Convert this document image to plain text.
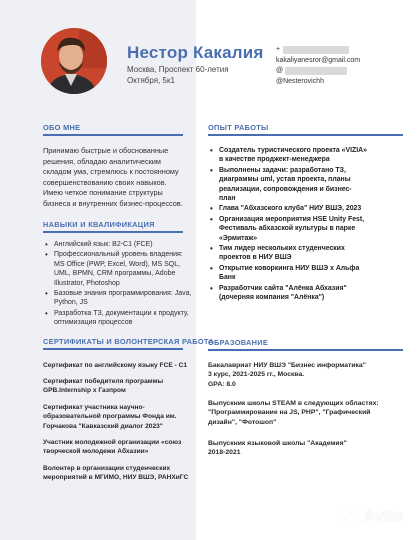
Нестор Какалия
Москва, Проспект 60-летия
Октября, 5к1
+
kakaliyanesror@gmail.com
@
@Nesterovichh
ОБО МНЕ
Принимаю быстрые и обоснованные
решения, обладаю аналитическим
складом ума, стремлюсь к постоянному
совершенствованию своих навыков.
Имею четкое понимание структуры
бизнеса и внутренних бизнес-процессов.
НАВЫКИ И КВАЛИФИКАЦИЯ
• Английский язык: B2-C1 (FCE)
• Профессиональный уровень владения: MS Office (PWP, Excel, Word), MS SQL, UML, BPMN, CRM программы, Adobe Illustrator, Photoshop
• Базовые знания программирования: Java, Python, JS
• Разработка ТЗ, документации к продукту, оптимизация процессов
СЕРТИФИКАТЫ И ВОЛОНТЕРСКАЯ РАБОТА
Сертификат по английскому языку FCE - C1
Сертификат победителя программы
GPB.Internship x Газпром
Сертификат участника научно-
образовательной программы Фонда им.
Горчакова "Кавказский диалог 2023"
Участник молодежной организации «союз
творческой молодежи Абхазии»
Волонтер в организации студенческих
мероприятий в МГИМО, НИУ ВШЭ, РАНХиГС
ОПЫТ РАБОТЫ
• Создатель туристического проекта «VIZIA» в качестве проджект-менеджера
• Выполнены задачи: разработано ТЗ, диаграммы uml, устав проекта, планы реализации, сопровождения и бизнес-план
• Глава "Абхазского клуба" НИУ ВШЭ, 2023
• Организация мероприятия HSE Unity Fest, Фестиваль абхазской культуры в парке «Эрмитаж»
• Тим лидер нескольких студенческих проектов в НИУ ВШЭ
• Открытие коворкинга НИУ ВШЭ х Альфа Банк
• Разработчик сайта "Алёнка Абхазия" (дочерняя компания "Алёнка")
ОБРАЗОВАНИЕ
Бакалавриат НИУ ВШЭ "Бизнес информатика"
3 курс, 2021-2025 гг., Москва.
GPA: 8.0
Выпускник школы STEAM в следующих областях:
"Программирование на JS, PHP", "Графический
дизайн", "Фотошоп"
Выпускник языковой школы "Академия"
2018-2021
Avito
